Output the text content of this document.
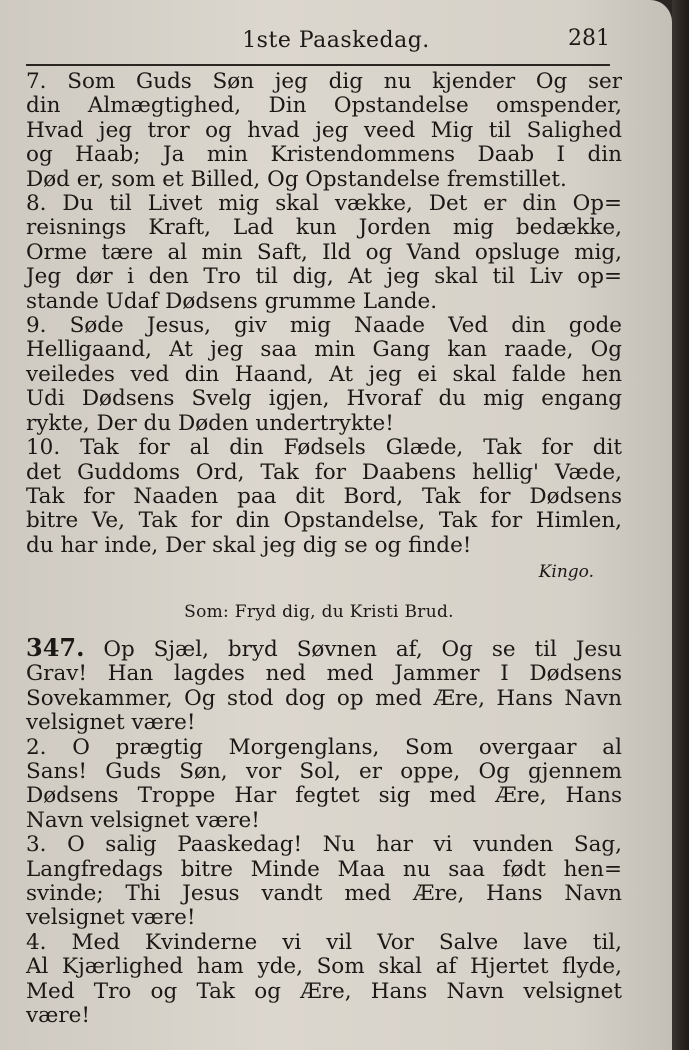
1ste Paaskedag.	281
7. Som Guds Søn jeg dig nu kjender Og ser
din Almægtighed, Din Opstandelse omspender,
Hvad jeg tror og hvad jeg veed Mig til Salighed
og Haab; Ja min Kristendommens Daab I din
Død er, som et Billed, Og Opstandelse fremstillet.
8. Du til Livet mig skal vække, Det er din Op=
reisnings Kraft, Lad kun Jorden mig bedække,
Orme tære al min Saft, Ild og Vand opsluge mig,
Jeg dør i den Tro til dig, At jeg skal til Liv op=
stande Udaf Dødsens grumme Lande.
9. Søde Jesus, giv mig Naade Ved din gode
Helligaand, At jeg saa min Gang kan raade, Og
veiledes ved din Haand, At jeg ei skal falde hen
Udi Dødsens Svelg igjen, Hvoraf du mig engang
rykte, Der du Døden undertrykte!
10. Tak for al din Fødsels Glæde, Tak for dit
det Guddoms Ord, Tak for Daabens hellig' Væde,
Tak for Naaden paa dit Bord, Tak for Dødsens
bitre Ve, Tak for din Opstandelse, Tak for Himlen,
du har inde, Der skal jeg dig se og finde!
Kingo.
Som: Fryd dig, du Kristi Brud.
347. Op Sjæl, bryd Søvnen af, Og se til Jesu
Grav! Han lagdes ned med Jammer I Dødsens
Sovekammer, Og stod dog op med Ære, Hans Navn
velsignet være!
2. O prægtig Morgenglans, Som overgaar al
Sans! Guds Søn, vor Sol, er oppe, Og gjennem
Dødsens Troppe Har fegtet sig med Ære, Hans
Navn velsignet være!
3. O salig Paaskedag! Nu har vi vunden Sag,
Langfredags bitre Minde Maa nu saa født hen=
svinde; Thi Jesus vandt med Ære, Hans Navn
velsignet være!
4. Med Kvinderne vi vil Vor Salve lave til,
Al Kjærlighed ham yde, Som skal af Hjertet flyde,
Med Tro og Tak og Ære, Hans Navn velsignet
være!
